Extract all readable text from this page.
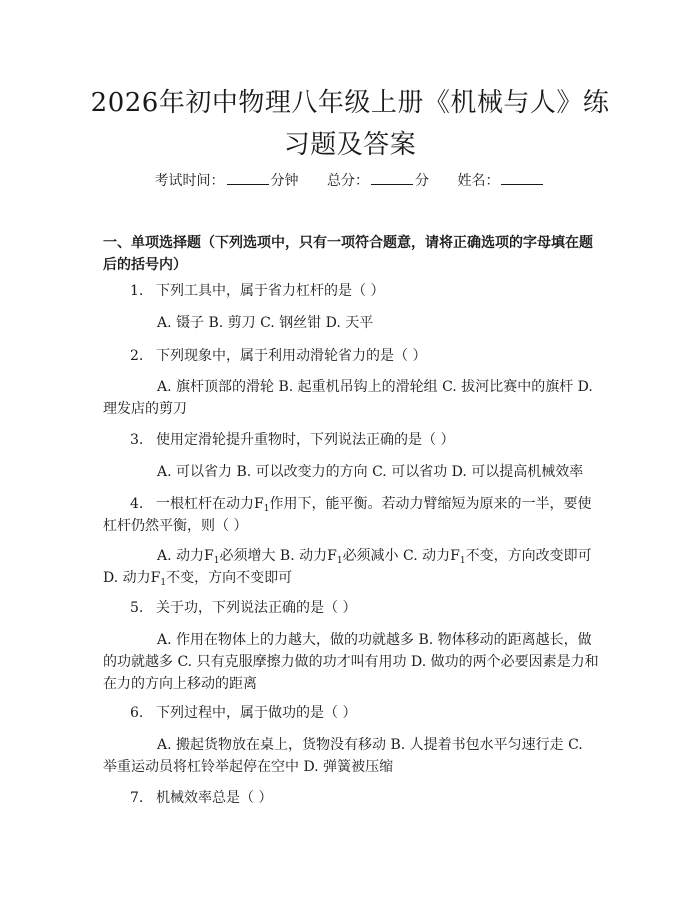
2026年初中物理八年级上册《机械与人》练习题及答案
考试时间：	分钟 总分：	分 姓名：
一、单项选择题（下列选项中，只有一项符合题意，请将正确选项的字母填在题后的括号内）
1. 下列工具中，属于省力杠杆的是（ ）
A. 镊子 B. 剪刀 C. 钢丝钳 D. 天平
2. 下列现象中，属于利用动滑轮省力的是（ ）
A. 旗杆顶部的滑轮 B. 起重机吊钩上的滑轮组 C. 拔河比赛中的旗杆 D. 理发店的剪刀
3. 使用定滑轮提升重物时，下列说法正确的是（ ）
A. 可以省力 B. 可以改变力的方向 C. 可以省功 D. 可以提高机械效率
4. 一根杠杆在动力$F_1$作用下，能平衡。若动力臂缩短为原来的一半，要使杠杆仍然平衡，则（ ）
A. 动力$F_1$必须增大 B. 动力$F_1$必须减小 C. 动力$F_1$不变，方向改变即可 D. 动力$F_1$不变，方向不变即可
5. 关于功，下列说法正确的是（ ）
A. 作用在物体上的力越大，做的功就越多 B. 物体移动的距离越长，做的功就越多 C. 只有克服摩擦力做的功才叫有用功 D. 做功的两个必要因素是力和在力的方向上移动的距离
6. 下列过程中，属于做功的是（ ）
A. 搬起货物放在桌上，货物没有移动 B. 人提着书包水平匀速行走 C. 举重运动员将杠铃举起停在空中 D. 弹簧被压缩
7. 机械效率总是（ ）
